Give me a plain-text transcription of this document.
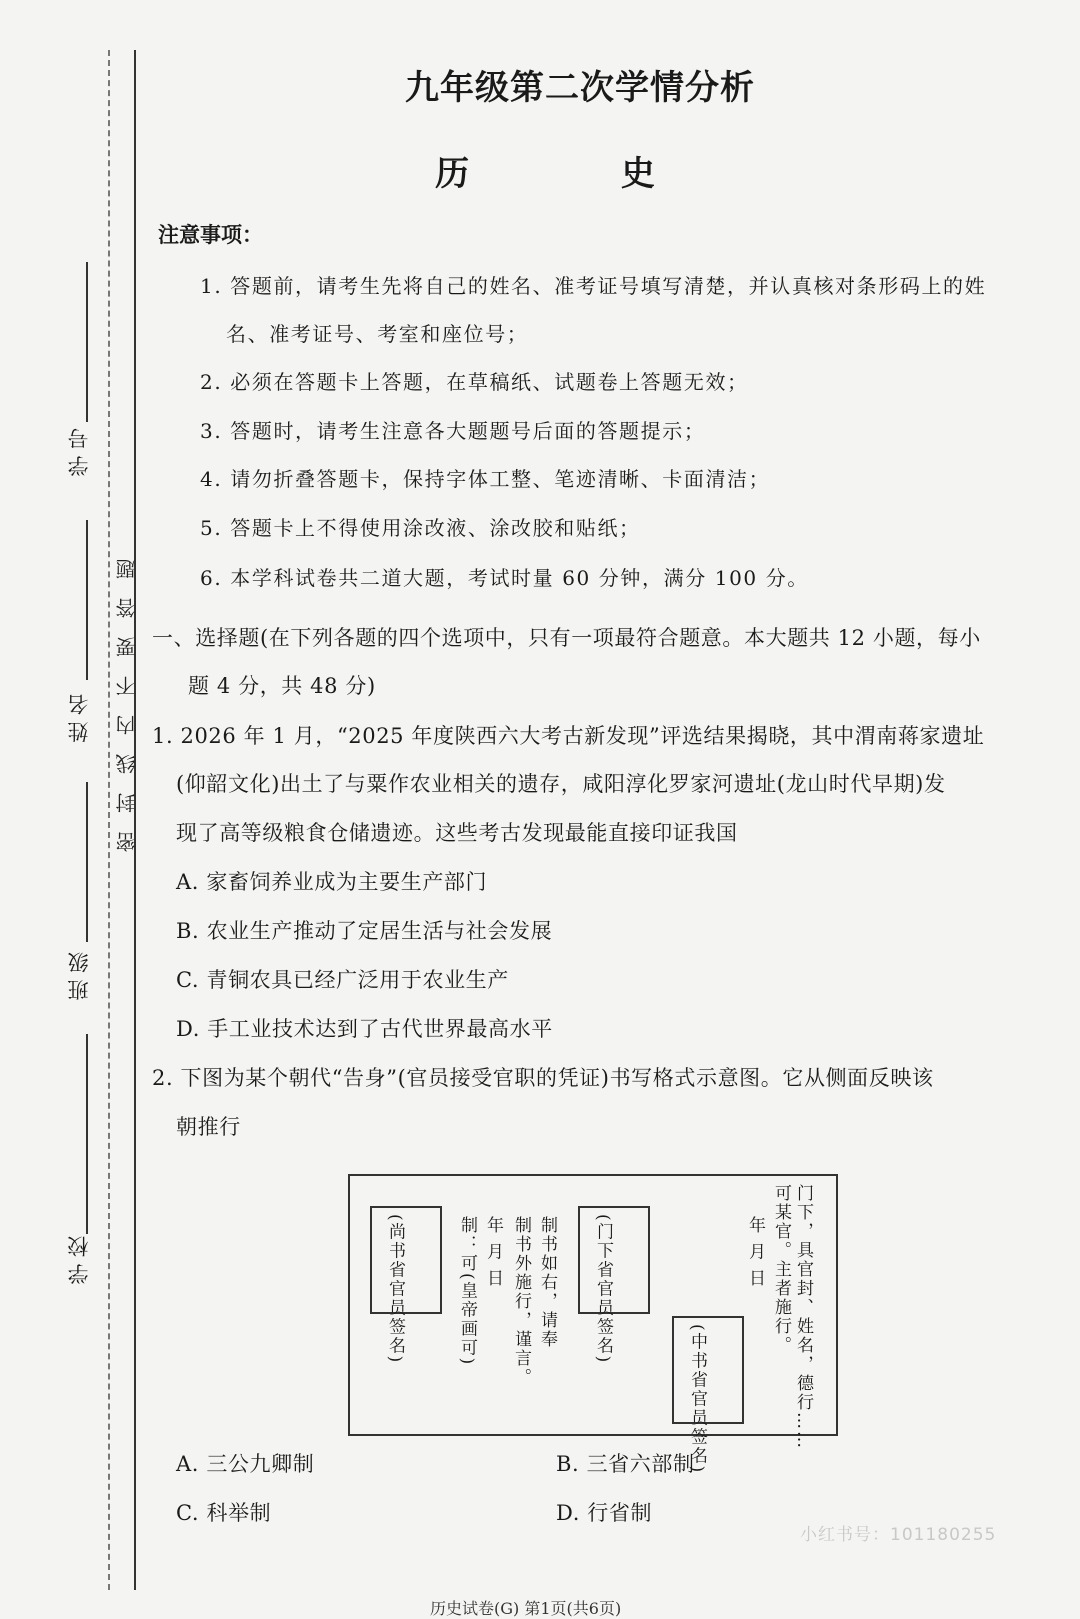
学 号
姓 名
班 级
学 校
密封线内不要答题
九年级第二次学情分析
历 史
注意事项：
1. 答题前，请考生先将自己的姓名、准考证号填写清楚，并认真核对条形码上的姓
名、准考证号、考室和座位号；
2. 必须在答题卡上答题，在草稿纸、试题卷上答题无效；
3. 答题时，请考生注意各大题题号后面的答题提示；
4. 请勿折叠答题卡，保持字体工整、笔迹清晰、卡面清洁；
5. 答题卡上不得使用涂改液、涂改胶和贴纸；
6. 本学科试卷共二道大题，考试时量 60 分钟，满分 100 分。
一、选择题(在下列各题的四个选项中，只有一项最符合题意。本大题共 12 小题，每小
题 4 分，共 48 分)
1. 2026 年 1 月，“2025 年度陕西六大考古新发现”评选结果揭晓，其中渭南蒋家遗址
(仰韶文化)出土了与粟作农业相关的遗存，咸阳淳化罗家河遗址(龙山时代早期)发
现了高等级粮食仓储遗迹。这些考古发现最能直接印证我国
A. 家畜饲养业成为主要生产部门
B. 农业生产推动了定居生活与社会发展
C. 青铜农具已经广泛用于农业生产
D. 手工业技术达到了古代世界最高水平
2. 下图为某个朝代“告身”(官员接受官职的凭证)书写格式示意图。它从侧面反映该
朝推行
门下，具官封、姓名，德行……
可某官。主者施行。
年 月 日
(中书省官员签名)
(门下省官员签名)
制书如右，请奉
制书外施行，谨言。
年 月 日
制：可(皇帝画可)
(尚书省官员签名)
A. 三公九卿制	B. 三省六部制
C. 科举制	D. 行省制
小红书号：101180255
历史试卷(G) 第1页(共6页)
